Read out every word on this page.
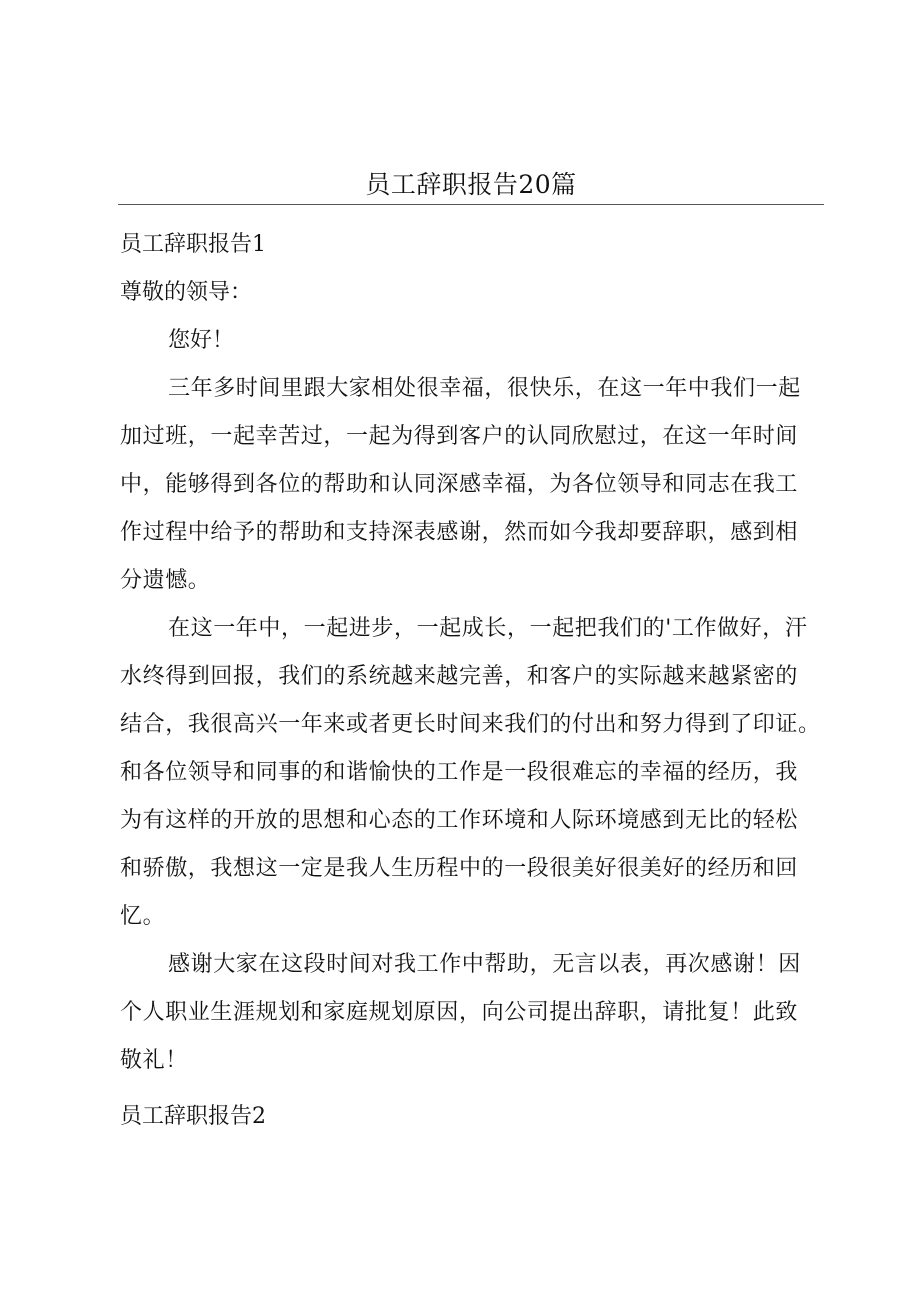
员工辞职报告20篇
员工辞职报告1
尊敬的领导：
您好！
三年多时间里跟大家相处很幸福，很快乐，在这一年中我们一起
加过班，一起幸苦过，一起为得到客户的认同欣慰过，在这一年时间
中，能够得到各位的帮助和认同深感幸福，为各位领导和同志在我工
作过程中给予的帮助和支持深表感谢，然而如今我却要辞职，感到相
分遗憾。
在这一年中，一起进步，一起成长，一起把我们的'工作做好，汗
水终得到回报，我们的系统越来越完善，和客户的实际越来越紧密的
结合，我很高兴一年来或者更长时间来我们的付出和努力得到了印证。
和各位领导和同事的和谐愉快的工作是一段很难忘的幸福的经历，我
为有这样的开放的思想和心态的工作环境和人际环境感到无比的轻松
和骄傲，我想这一定是我人生历程中的一段很美好很美好的经历和回
忆。
感谢大家在这段时间对我工作中帮助，无言以表，再次感谢！因
个人职业生涯规划和家庭规划原因，向公司提出辞职，请批复！此致
敬礼！
员工辞职报告2
